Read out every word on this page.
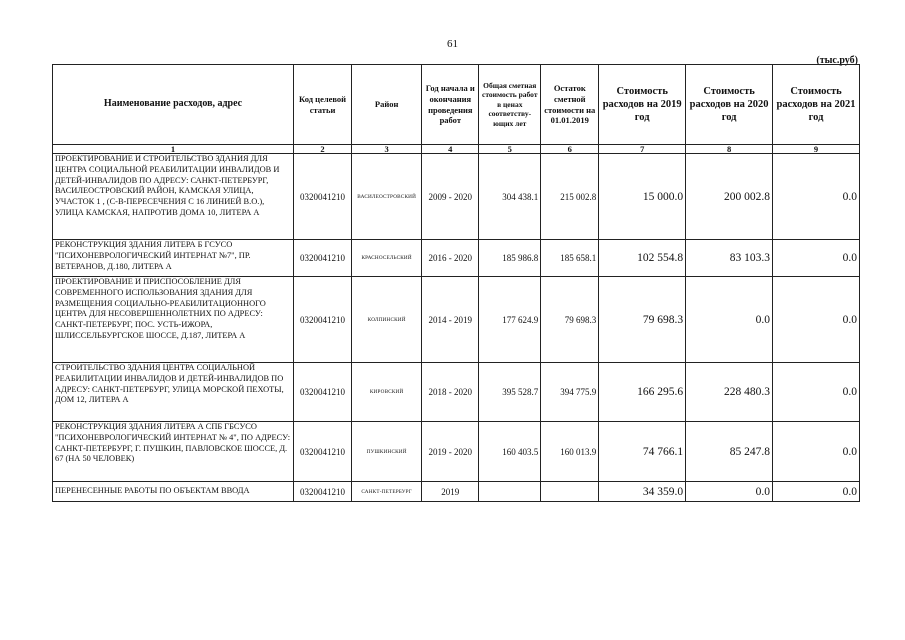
61
(тыс.руб)
Наименование расходов, адрес	Код целевой статьи	Район	Год начала и окончания проведения работ	Общая сметная стоимость работ в ценах соответству-ющих лет	Остаток сметной стоимости на 01.01.2019	Стоимость расходов на 2019 год	Стоимость расходов на 2020 год	Стоимость расходов на 2021 год
1	2	3	4	5	6	7	8	9
ПРОЕКТИРОВАНИЕ И СТРОИТЕЛЬСТВО ЗДАНИЯ ДЛЯ ЦЕНТРА СОЦИАЛЬНОЙ РЕАБИЛИТАЦИИ ИНВАЛИДОВ И ДЕТЕЙ-ИНВАЛИДОВ ПО АДРЕСУ: САНКТ-ПЕТЕРБУРГ, ВАСИЛЕОСТРОВСКИЙ РАЙОН, КАМСКАЯ УЛИЦА, УЧАСТОК 1 , (С-В-ПЕРЕСЕЧЕНИЯ С 16 ЛИНИЕЙ В.О.), УЛИЦА КАМСКАЯ, НАПРОТИВ ДОМА 10, ЛИТЕРА А	0320041210	ВАСИЛЕОСТРОВСКИЙ	2009 - 2020	304 438.1	215 002.8	15 000.0	200 002.8	0.0
РЕКОНСТРУКЦИЯ ЗДАНИЯ ЛИТЕРА Б ГСУСО "ПСИХОНЕВРОЛОГИЧЕСКИЙ ИНТЕРНАТ №7", ПР. ВЕТЕРАНОВ, Д.180, ЛИТЕРА А	0320041210	КРАСНОСЕЛЬСКИЙ	2016 - 2020	185 986.8	185 658.1	102 554.8	83 103.3	0.0
ПРОЕКТИРОВАНИЕ И ПРИСПОСОБЛЕНИЕ ДЛЯ СОВРЕМЕННОГО ИСПОЛЬЗОВАНИЯ ЗДАНИЯ ДЛЯ РАЗМЕЩЕНИЯ СОЦИАЛЬНО-РЕАБИЛИТАЦИОННОГО ЦЕНТРА ДЛЯ НЕСОВЕРШЕННОЛЕТНИХ ПО АДРЕСУ: САНКТ-ПЕТЕРБУРГ, ПОС. УСТЬ-ИЖОРА, ШЛИССЕЛЬБУРГСКОЕ ШОССЕ, Д.187, ЛИТЕРА А	0320041210	КОЛПИНСКИЙ	2014 - 2019	177 624.9	79 698.3	79 698.3	0.0	0.0
СТРОИТЕЛЬСТВО ЗДАНИЯ ЦЕНТРА СОЦИАЛЬНОЙ РЕАБИЛИТАЦИИ ИНВАЛИДОВ И ДЕТЕЙ-ИНВАЛИДОВ ПО АДРЕСУ: САНКТ-ПЕТЕРБУРГ, УЛИЦА МОРСКОЙ ПЕХОТЫ, ДОМ 12, ЛИТЕРА А	0320041210	КИРОВСКИЙ	2018 - 2020	395 528.7	394 775.9	166 295.6	228 480.3	0.0
РЕКОНСТРУКЦИЯ ЗДАНИЯ ЛИТЕРА А СПБ ГБСУСО "ПСИХОНЕВРОЛОГИЧЕСКИЙ ИНТЕРНАТ № 4", ПО АДРЕСУ: САНКТ-ПЕТЕРБУРГ, Г. ПУШКИН, ПАВЛОВСКОЕ ШОССЕ, Д. 67 (НА 50 ЧЕЛОВЕК)	0320041210	ПУШКИНСКИЙ	2019 - 2020	160 403.5	160 013.9	74 766.1	85 247.8	0.0
ПЕРЕНЕСЕННЫЕ РАБОТЫ ПО ОБЪЕКТАМ ВВОДА	0320041210	САНКТ-ПЕТЕРБУРГ	2019			34 359.0	0.0	0.0
